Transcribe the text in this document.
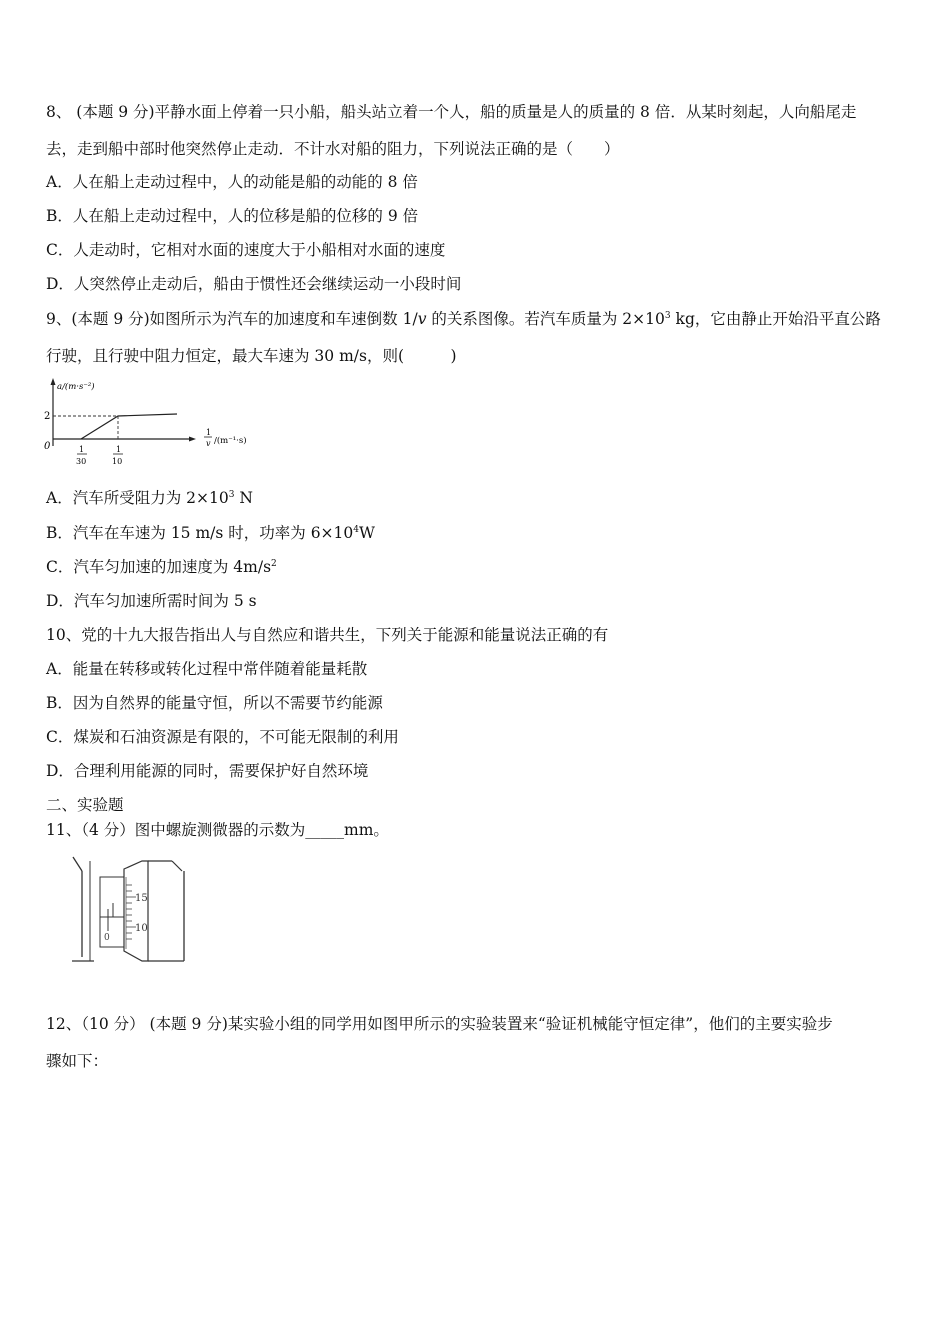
8、 (本题 9 分)平静水面上停着一只小船，船头站立着一个人，船的质量是人的质量的 8 倍．从某时刻起，人向船尾走
去，走到船中部时他突然停止走动．不计水对船的阻力，下列说法正确的是（　　）
A．人在船上走动过程中，人的动能是船的动能的 8 倍
B．人在船上走动过程中，人的位移是船的位移的 9 倍
C．人走动时，它相对水面的速度大于小船相对水面的速度
D．人突然停止走动后，船由于惯性还会继续运动一小段时间
9、(本题 9 分)如图所示为汽车的加速度和车速倒数 1/v 的关系图像。若汽车质量为 $2\times 10^3$ kg，它由静止开始沿平直公路
行驶，且行驶中阻力恒定，最大车速为 30 m/s，则(　　　)
a/(m·s⁻²)
2
0	1
30
1
10
1
v /(m⁻¹·s)
A．汽车所受阻力为 $2\times 10^3$ N
B．汽车在车速为 15 m/s 时，功率为 $6\times 10^4W$
C．汽车匀加速的加速度为 $4m/s^2$
D．汽车匀加速所需时间为 5 s
10、党的十九大报告指出人与自然应和谐共生，下列关于能源和能量说法正确的有
A．能量在转移或转化过程中常伴随着能量耗散
B．因为自然界的能量守恒，所以不需要节约能源
C．煤炭和石油资源是有限的，不可能无限制的利用
D．合理利用能源的同时，需要保护好自然环境
二、实验题
11、（4 分）图中螺旋测微器的示数为_____mm。
0
15
10
12、（10 分） (本题 9 分)某实验小组的同学用如图甲所示的实验装置来“验证机械能守恒定律”，他们的主要实验步
骤如下：
